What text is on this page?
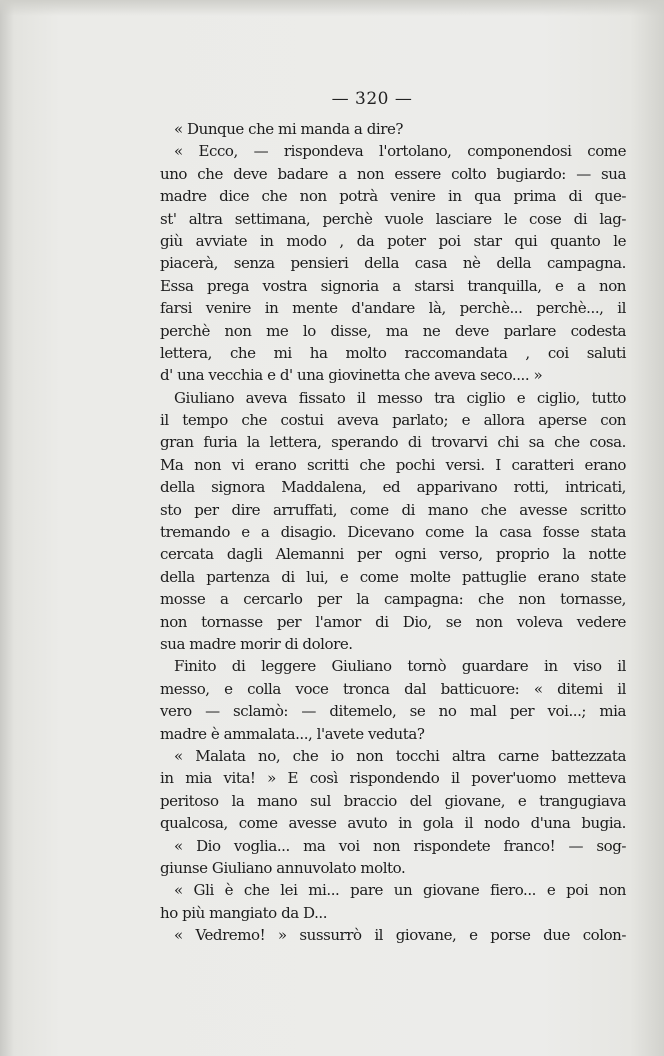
— 320 —
« Dunque che mi manda a dire?
« Ecco, — rispondeva l'ortolano, componendosi come
uno che deve badare a non essere colto bugiardo: — sua
madre dice che non potrà venire in qua prima di que-
st' altra settimana, perchè vuole lasciare le cose di lag-
giù avviate in modo , da poter poi star qui quanto le
piacerà, senza pensieri della casa nè della campagna.
Essa prega vostra signoria a starsi tranquilla, e a non
farsi venire in mente d'andare là, perchè... perchè..., il
perchè non me lo disse, ma ne deve parlare codesta
lettera, che mi ha molto raccomandata , coi saluti
d' una vecchia e d' una giovinetta che aveva seco.... »
Giuliano aveva fissato il messo tra ciglio e ciglio, tutto
il tempo che costui aveva parlato; e allora aperse con
gran furia la lettera, sperando di trovarvi chi sa che cosa.
Ma non vi erano scritti che pochi versi. I caratteri erano
della signora Maddalena, ed apparivano rotti, intricati,
sto per dire arruffati, come di mano che avesse scritto
tremando e a disagio. Dicevano come la casa fosse stata
cercata dagli Alemanni per ogni verso, proprio la notte
della partenza di lui, e come molte pattuglie erano state
mosse a cercarlo per la campagna: che non tornasse,
non tornasse per l'amor di Dio, se non voleva vedere
sua madre morir di dolore.
Finito di leggere Giuliano tornò guardare in viso il
messo, e colla voce tronca dal batticuore: « ditemi il
vero — sclamò: — ditemelo, se no mal per voi...; mia
madre è ammalata..., l'avete veduta?
« Malata no, che io non tocchi altra carne battezzata
in mia vita! » E così rispondendo il pover'uomo metteva
peritoso la mano sul braccio del giovane, e trangugiava
qualcosa, come avesse avuto in gola il nodo d'una bugia.
« Dio voglia... ma voi non rispondete franco! — sog-
giunse Giuliano annuvolato molto.
« Gli è che lei mi... pare un giovane fiero... e poi non
ho più mangiato da D...
« Vedremo! » sussurrò il giovane, e porse due colon-
